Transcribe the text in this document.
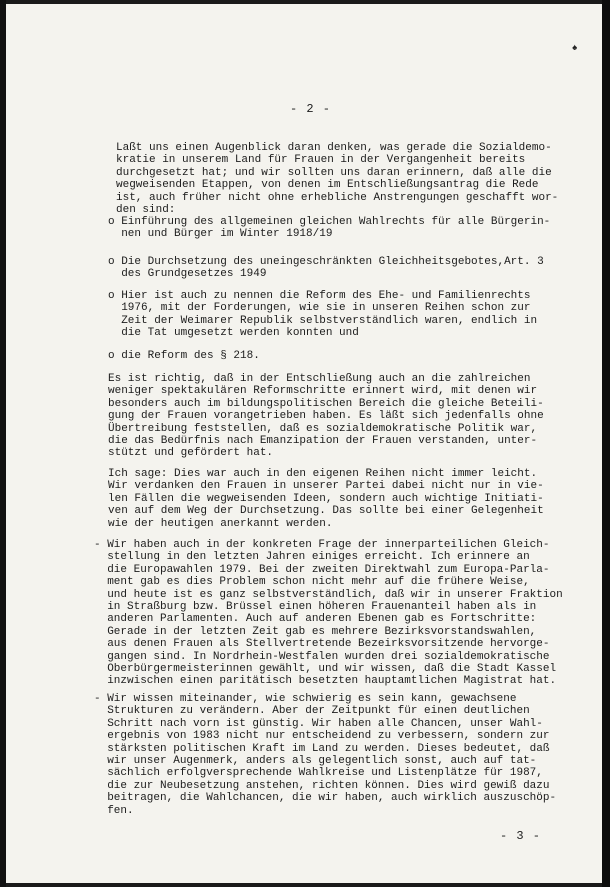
♠
- 2 -
Laßt uns einen Augenblick daran denken, was gerade die Sozialdemo-
kratie in unserem Land für Frauen in der Vergangenheit bereits
durchgesetzt hat; und wir sollten uns daran erinnern, daß alle die
wegweisenden Etappen, von denen im Entschließungsantrag die Rede
ist, auch früher nicht ohne erhebliche Anstrengungen geschafft wor-
den sind:
o Einführung des allgemeinen gleichen Wahlrechts für alle Bürgerin-
nen und Bürger im Winter 1918/19
o Die Durchsetzung des uneingeschränkten Gleichheitsgebotes,Art. 3
des Grundgesetzes 1949
o Hier ist auch zu nennen die Reform des Ehe- und Familienrechts
1976, mit der Forderungen, wie sie in unseren Reihen schon zur
Zeit der Weimarer Republik selbstverständlich waren, endlich in
die Tat umgesetzt werden konnten und
o die Reform des § 218.
Es ist richtig, daß in der Entschließung auch an die zahlreichen
weniger spektakulären Reformschritte erinnert wird, mit denen wir
besonders auch im bildungspolitischen Bereich die gleiche Beteili-
gung der Frauen vorangetrieben haben. Es läßt sich jedenfalls ohne
Übertreibung feststellen, daß es sozialdemokratische Politik war,
die das Bedürfnis nach Emanzipation der Frauen verstanden, unter-
stützt und gefördert hat.
Ich sage: Dies war auch in den eigenen Reihen nicht immer leicht.
Wir verdanken den Frauen in unserer Partei dabei nicht nur in vie-
len Fällen die wegweisenden Ideen, sondern auch wichtige Initiati-
ven auf dem Weg der Durchsetzung. Das sollte bei einer Gelegenheit
wie der heutigen anerkannt werden.
- Wir haben auch in der konkreten Frage der innerparteilichen Gleich-
stellung in den letzten Jahren einiges erreicht. Ich erinnere an
die Europawahlen 1979. Bei der zweiten Direktwahl zum Europa-Parla-
ment gab es dies Problem schon nicht mehr auf die frühere Weise,
und heute ist es ganz selbstverständlich, daß wir in unserer Fraktion
in Straßburg bzw. Brüssel einen höheren Frauenanteil haben als in
anderen Parlamenten. Auch auf anderen Ebenen gab es Fortschritte:
Gerade in der letzten Zeit gab es mehrere Bezirksvorstandswahlen,
aus denen Frauen als Stellvertretende Bezeirksvorsitzende hervorge-
gangen sind. In Nordrhein-Westfalen wurden drei sozialdemokratische
Oberbürgermeisterinnen gewählt, und wir wissen, daß die Stadt Kassel
inzwischen einen paritätisch besetzten hauptamtlichen Magistrat hat.
- Wir wissen miteinander, wie schwierig es sein kann, gewachsene
Strukturen zu verändern. Aber der Zeitpunkt für einen deutlichen
Schritt nach vorn ist günstig. Wir haben alle Chancen, unser Wahl-
ergebnis von 1983 nicht nur entscheidend zu verbessern, sondern zur
stärksten politischen Kraft im Land zu werden. Dieses bedeutet, daß
wir unser Augenmerk, anders als gelegentlich sonst, auch auf tat-
sächlich erfolgversprechende Wahlkreise und Listenplätze für 1987,
die zur Neubesetzung anstehen, richten können. Dies wird gewiß dazu
beitragen, die Wahlchancen, die wir haben, auch wirklich auszuschöp-
fen.
- 3 -
